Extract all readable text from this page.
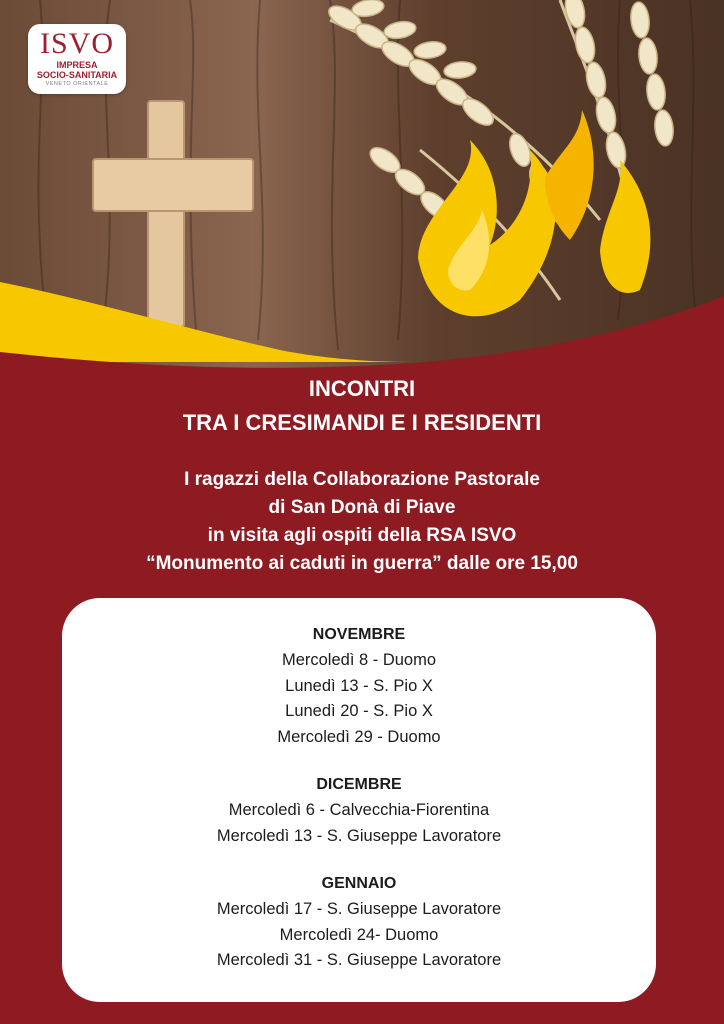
ISVO
IMPRESA
SOCIO-SANITARIA
VENETO ORIENTALE
INCONTRI
TRA I CRESIMANDI E I RESIDENTI
I ragazzi della Collaborazione Pastorale
di San Donà di Piave
in visita agli ospiti della RSA ISVO
“Monumento ai caduti in guerra” dalle ore 15,00
NOVEMBRE
Mercoledì 8 - Duomo
Lunedì 13 - S. Pio X
Lunedì 20 - S. Pio X
Mercoledì 29 - Duomo
DICEMBRE
Mercoledì 6 - Calvecchia-Fiorentina
Mercoledì 13 - S. Giuseppe Lavoratore
GENNAIO
Mercoledì 17 - S. Giuseppe Lavoratore
Mercoledì 24- Duomo
Mercoledì 31 - S. Giuseppe Lavoratore
